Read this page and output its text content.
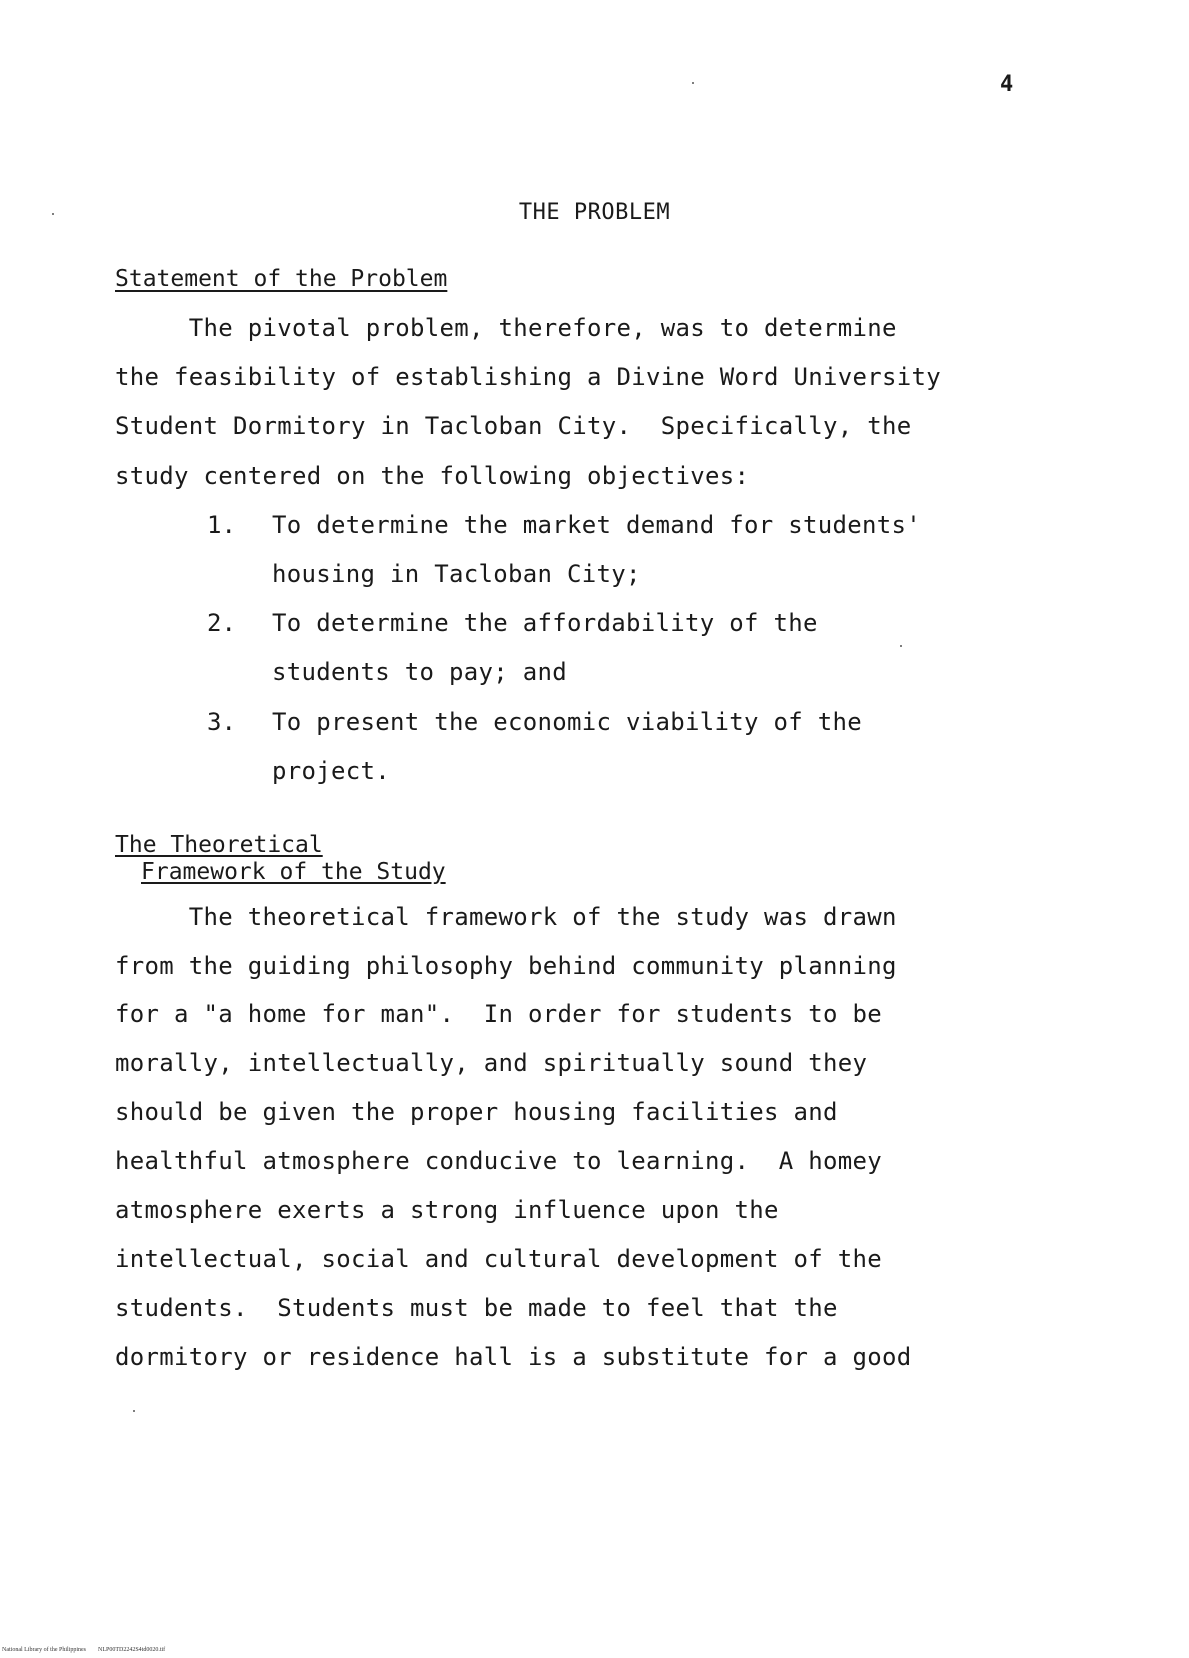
4
THE PROBLEM
Statement of the Problem
The pivotal problem, therefore, was to determine
the feasibility of establishing a Divine Word University
Student Dormitory in Tacloban City.  Specifically, the
study centered on the following objectives:
1. To determine the market demand for students'
housing in Tacloban City;
2. To determine the affordability of the
students to pay; and
3. To present the economic viability of the
project.
The Theoretical
Framework of the Study
The theoretical framework of the study was drawn
from the guiding philosophy behind community planning
for a "a home for man".  In order for students to be
morally, intellectually, and spiritually sound they
should be given the proper housing facilities and
healthful atmosphere conducive to learning.  A homey
atmosphere exerts a strong influence upon the
intellectual, social and cultural development of the
students.  Students must be made to feel that the
dormitory or residence hall is a substitute for a good
National Library of the Philippines NLP00TD2242S4td0020.tif
